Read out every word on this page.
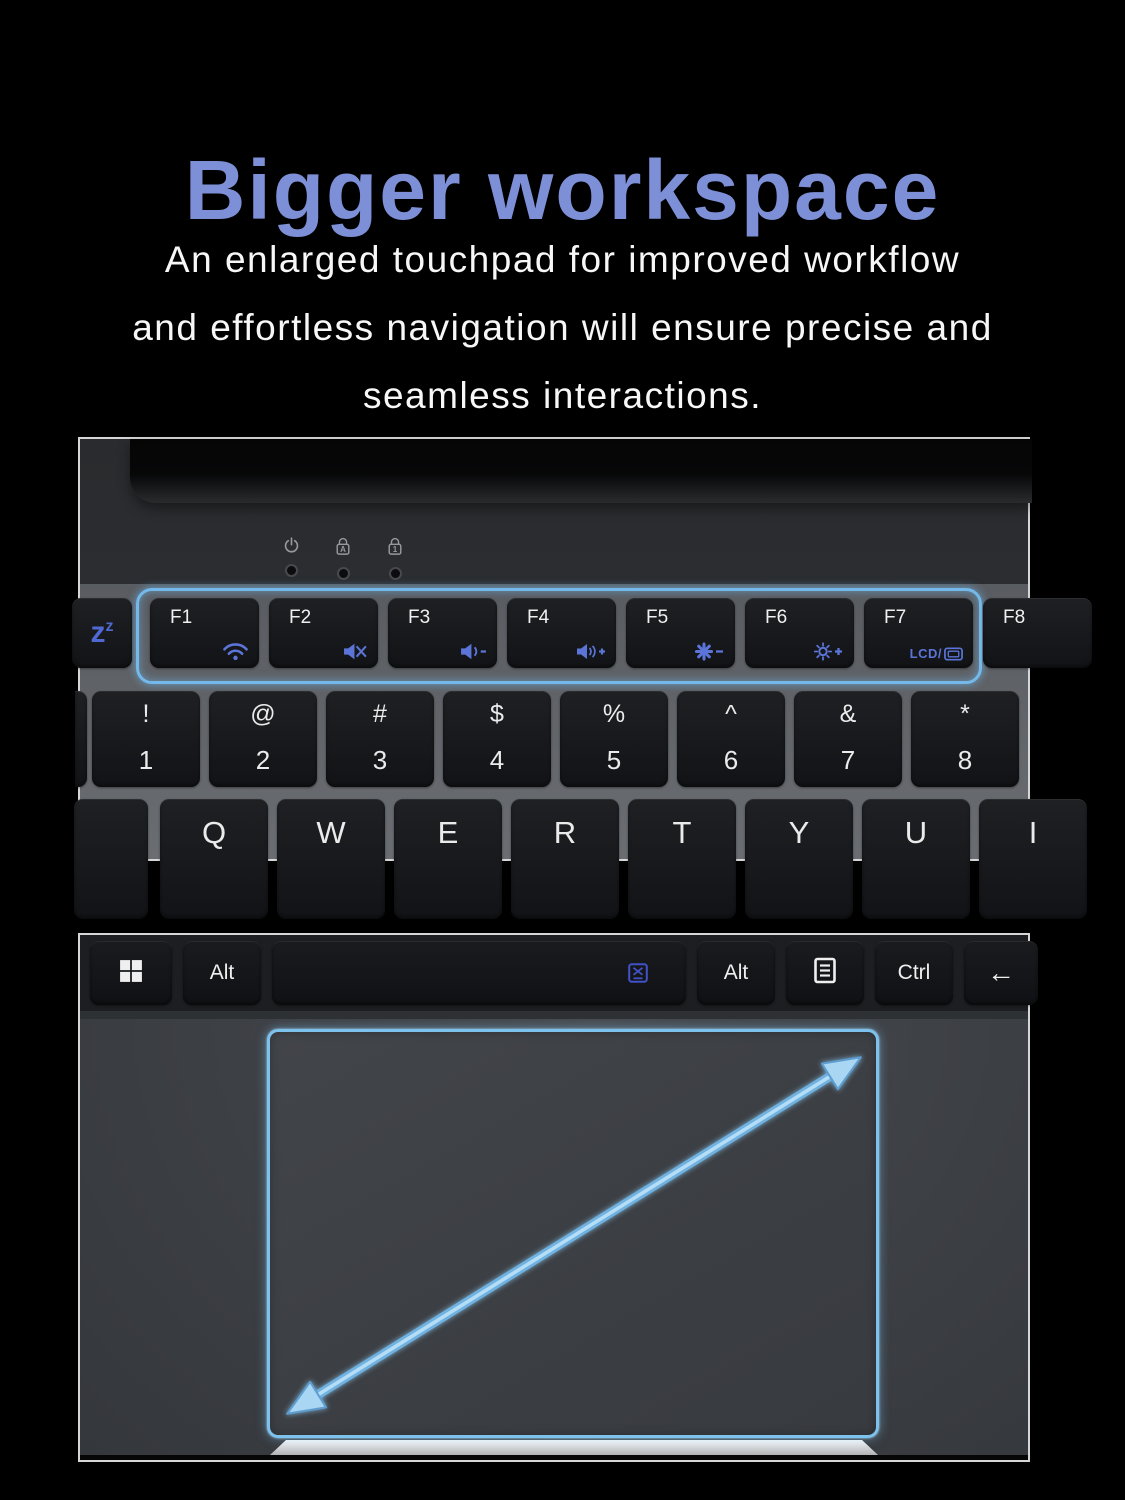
Bigger workspace
An enlarged touchpad for improved workflow
and effortless navigation will ensure precise and
seamless interactions.
A	1
$z^z$	F1	F2	F3	F4	F5	F6	F7
LCD/
F8
!
1
@
2
#
3
$
4
%
5
^
6
&
7
*
8
Q	W	E	R	T	Y	U	I
Alt	Alt	Ctrl ←
